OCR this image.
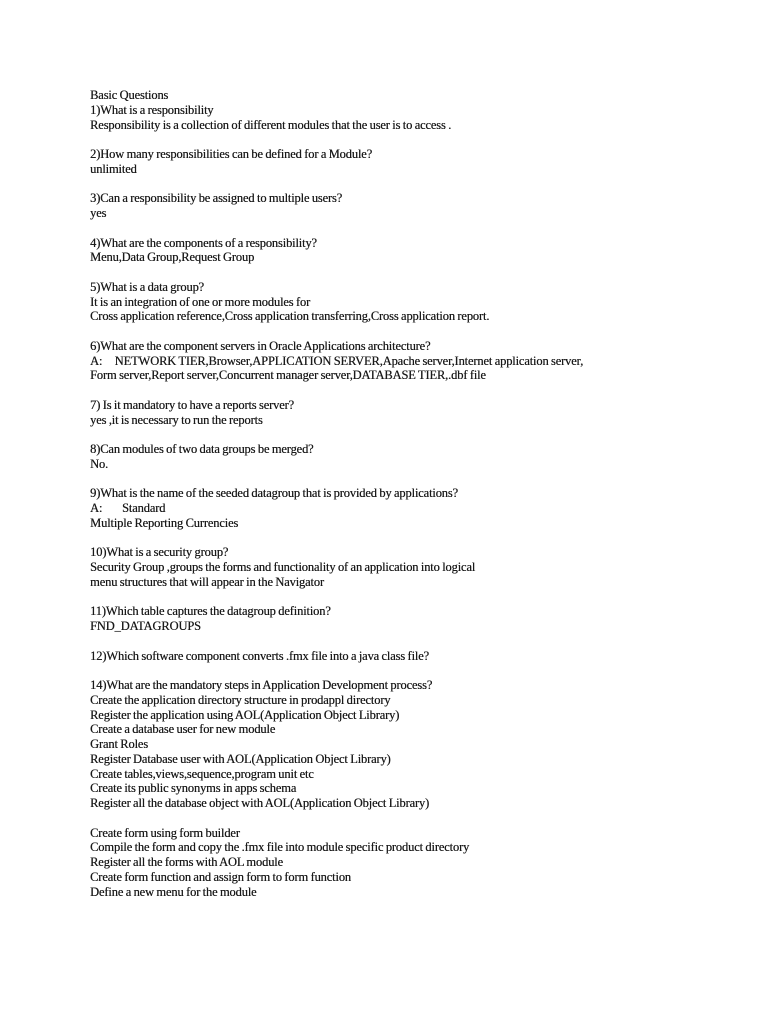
Basic Questions
1)What is a responsibility
Responsibility is a collection of different modules that the user is to access .
2)How many responsibilities can be defined for a Module?
unlimited
3)Can a responsibility be assigned to multiple users?
yes
4)What are the components of a responsibility?
Menu,Data Group,Request Group
5)What is a data group?
It is an integration of one or more modules for
Cross application reference,Cross application transferring,Cross application report.
6)What are the component servers in Oracle Applications architecture?
A:     NETWORK TIER,Browser,APPLICATION SERVER,Apache server,Internet application server,
Form server,Report server,Concurrent manager server,DATABASE TIER,.dbf file
7) Is it mandatory to have a reports server?
yes ,it is necessary to run the reports
8)Can modules of two data groups be merged?
No.
9)What is the name of the seeded datagroup that is provided by applications?
A:        Standard
Multiple Reporting Currencies
10)What is a security group?
Security Group ,groups the forms and functionality of an application into logical
menu structures that will appear in the Navigator
11)Which table captures the datagroup definition?
FND_DATAGROUPS
12)Which software component converts .fmx file into a java class file?
14)What are the mandatory steps in Application Development process?
Create the application directory structure in prodappl directory
Register the application using AOL(Application Object Library)
Create a database user for new module
Grant Roles
Register Database user with AOL(Application Object Library)
Create tables,views,sequence,program unit etc
Create its public synonyms in apps schema
Register all the database object with AOL(Application Object Library)
Create form using form builder
Compile the form and copy the .fmx file into module specific product directory
Register all the forms with AOL module
Create form function and assign form to form function
Define a new menu for the module
